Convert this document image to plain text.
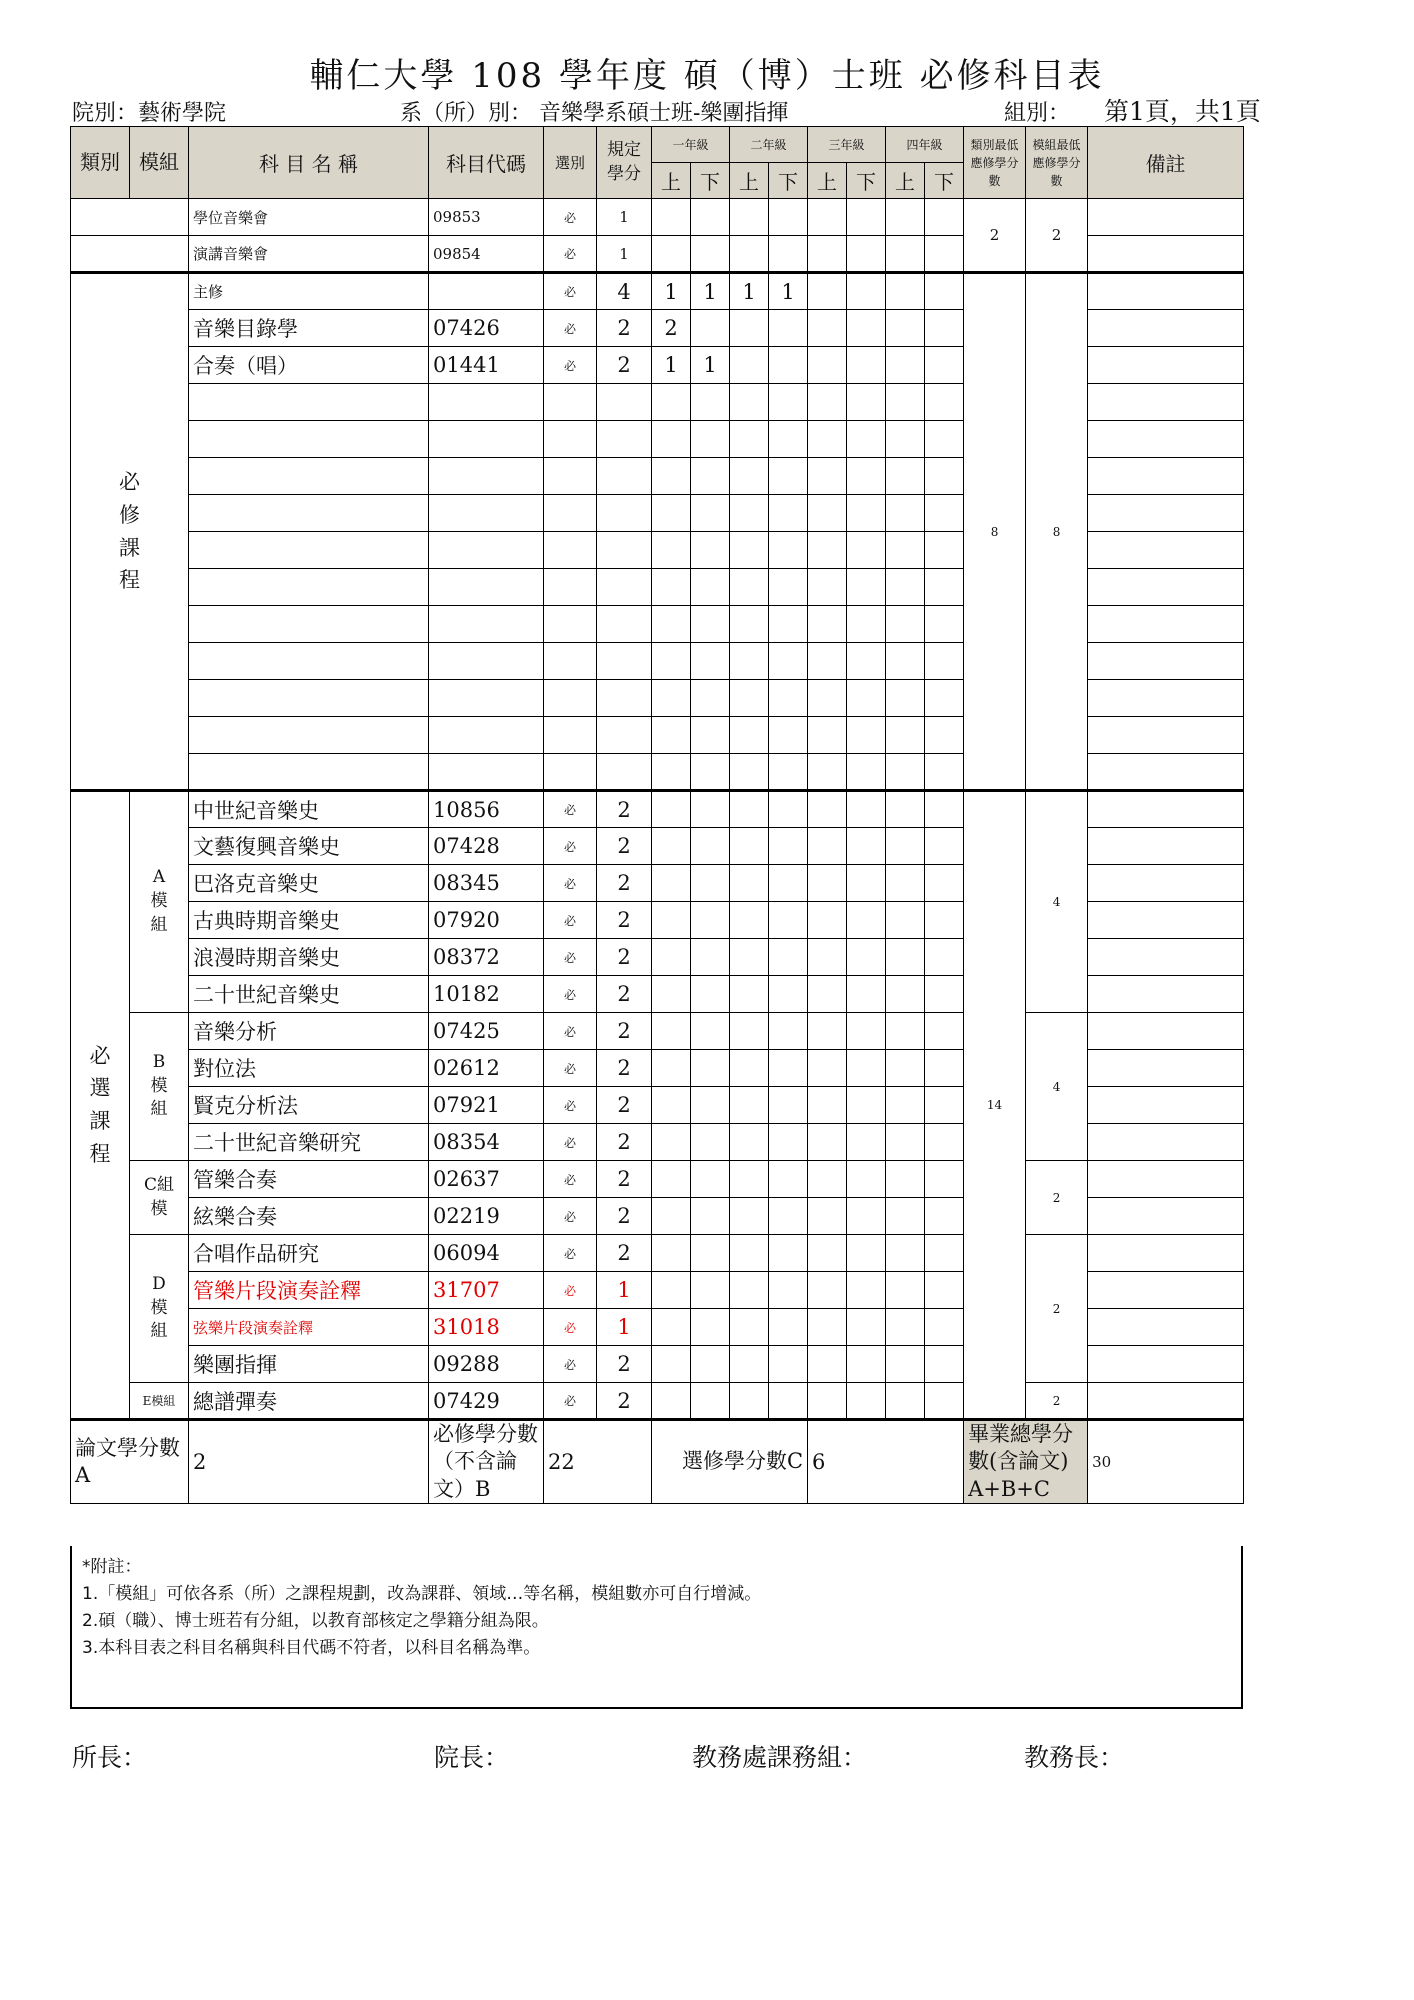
輔仁大學 108 學年度 碩（博）士班 必修科目表
院別：藝術學院	系（所）別： 音樂學系碩士班-樂團指揮	組別： 第1頁，共1頁
類別	模組	科 目 名 稱	科目代碼	選別	規定學分	一年級		二年級		三年級		四年級		類別最低應修學分數	模組最低應修學分數	備註
						上	下	上	下	上	下	上	下			
		學位音樂會	09853	必	1									2	2	
		演講音樂會	09854	必	1											

必修課程		主修		必	4	1	1	1	1					8	8	
		音樂目錄學	07426	必	2	2										
		合奏（唱）	01441	必	2	1	1									

必選課程	A模組	中世紀音樂史	10856	必	2									14	4	
		文藝復興音樂史	07428	必	2											
		巴洛克音樂史	08345	必	2											
		古典時期音樂史	07920	必	2											
		浪漫時期音樂史	08372	必	2											
		二十世紀音樂史	10182	必	2											

	B模組	音樂分析	07425	必	2										4	
		對位法	02612	必	2											
		賢克分析法	07921	必	2											
		二十世紀音樂研究	08354	必	2											

	C組模	管樂合奏	02637	必	2										2	
		絃樂合奏	02219	必	2											

	D模組	合唱作品研究	06094	必	2										2	
		管樂片段演奏詮釋	31707	必	1											
		弦樂片段演奏詮釋	31018	必	1											
		樂團指揮	09288	必	2											
	E模組	總譜彈奏	07429	必	2										2	
論文學分數A		2	必修學分數（不含論文）B	22		選修學分數C				6				畢業總學分數(含論文) A+B+C		30
*附註：
1.「模組」可依各系（所）之課程規劃，改為課群、領域…等名稱，模組數亦可自行增減。
2.碩（職）、博士班若有分組，以教育部核定之學籍分組為限。
3.本科目表之科目名稱與科目代碼不符者，以科目名稱為準。
所長：	院長：	教務處課務組：	教務長：
